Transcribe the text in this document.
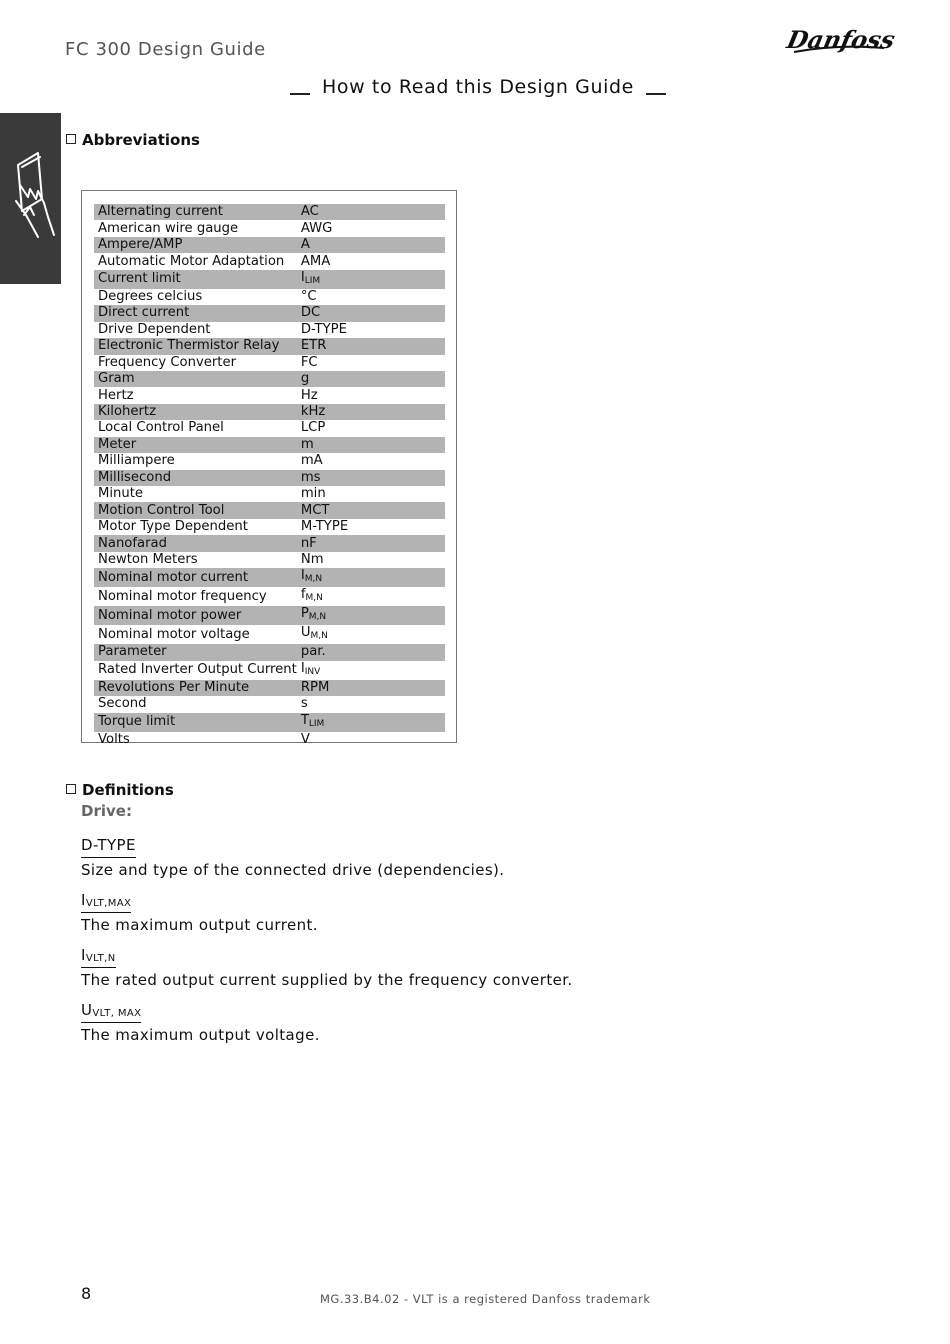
FC 300 Design Guide	Danfoss
How to Read this Design Guide
Abbreviations
Alternating current	AC
American wire gauge	AWG
Ampere/AMP	A
Automatic Motor Adaptation	AMA
Current limit	$I_{LIM}$
Degrees celcius	°C
Direct current	DC
Drive Dependent	D-TYPE
Electronic Thermistor Relay	ETR
Frequency Converter	FC
Gram	g
Hertz	Hz
Kilohertz	kHz
Local Control Panel	LCP
Meter	m
Milliampere	mA
Millisecond	ms
Minute	min
Motion Control Tool	MCT
Motor Type Dependent	M-TYPE
Nanofarad	nF
Newton Meters	Nm
Nominal motor current	$I_{M,N}$
Nominal motor frequency	$f_{M,N}$
Nominal motor power	$P_{M,N}$
Nominal motor voltage	$U_{M,N}$
Parameter	par.
Rated Inverter Output Current	$I_{INV}$
Revolutions Per Minute	RPM
Second	s
Torque limit	$T_{LIM}$
Volts	V
Definitions
Drive:
D-TYPE
Size and type of the connected drive (dependencies).
$I_{VLT,MAX}$
The maximum output current.
$I_{VLT,N}$
The rated output current supplied by the frequency converter.
$U_{VLT, MAX}$
The maximum output voltage.
8	MG.33.B4.02 - VLT is a registered Danfoss trademark
